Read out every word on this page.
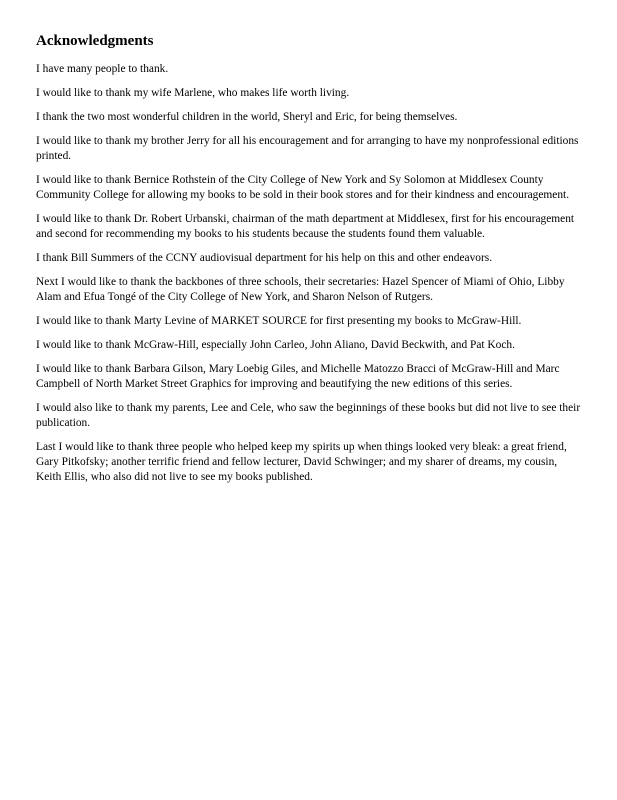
Acknowledgments

I have many people to thank.

I would like to thank my wife Marlene, who makes life worth living.

I thank the two most wonderful children in the world, Sheryl and Eric, for being themselves.

I would like to thank my brother Jerry for all his encouragement and for arranging to have my nonprofessional editions printed.

I would like to thank Bernice Rothstein of the City College of New York and Sy Solomon at Middlesex County Community College for allowing my books to be sold in their book stores and for their kindness and encouragement.

I would like to thank Dr. Robert Urbanski, chairman of the math department at Middlesex, first for his encouragement and second for recommending my books to his students because the students found them valuable.

I thank Bill Summers of the CCNY audiovisual department for his help on this and other endeavors.

Next I would like to thank the backbones of three schools, their secretaries: Hazel Spencer of Miami of Ohio, Libby Alam and Efua Tongé of the City College of New York, and Sharon Nelson of Rutgers.

I would like to thank Marty Levine of MARKET SOURCE for first presenting my books to McGraw-Hill.

I would like to thank McGraw-Hill, especially John Carleo, John Aliano, David Beckwith, and Pat Koch.

I would like to thank Barbara Gilson, Mary Loebig Giles, and Michelle Matozzo Bracci of McGraw-Hill and Marc Campbell of North Market Street Graphics for improving and beautifying the new editions of this series.

I would also like to thank my parents, Lee and Cele, who saw the beginnings of these books but did not live to see their publication.

Last I would like to thank three people who helped keep my spirits up when things looked very bleak: a great friend, Gary Pitkofsky; another terrific friend and fellow lecturer, David Schwinger; and my sharer of dreams, my cousin, Keith Ellis, who also did not live to see my books published.
